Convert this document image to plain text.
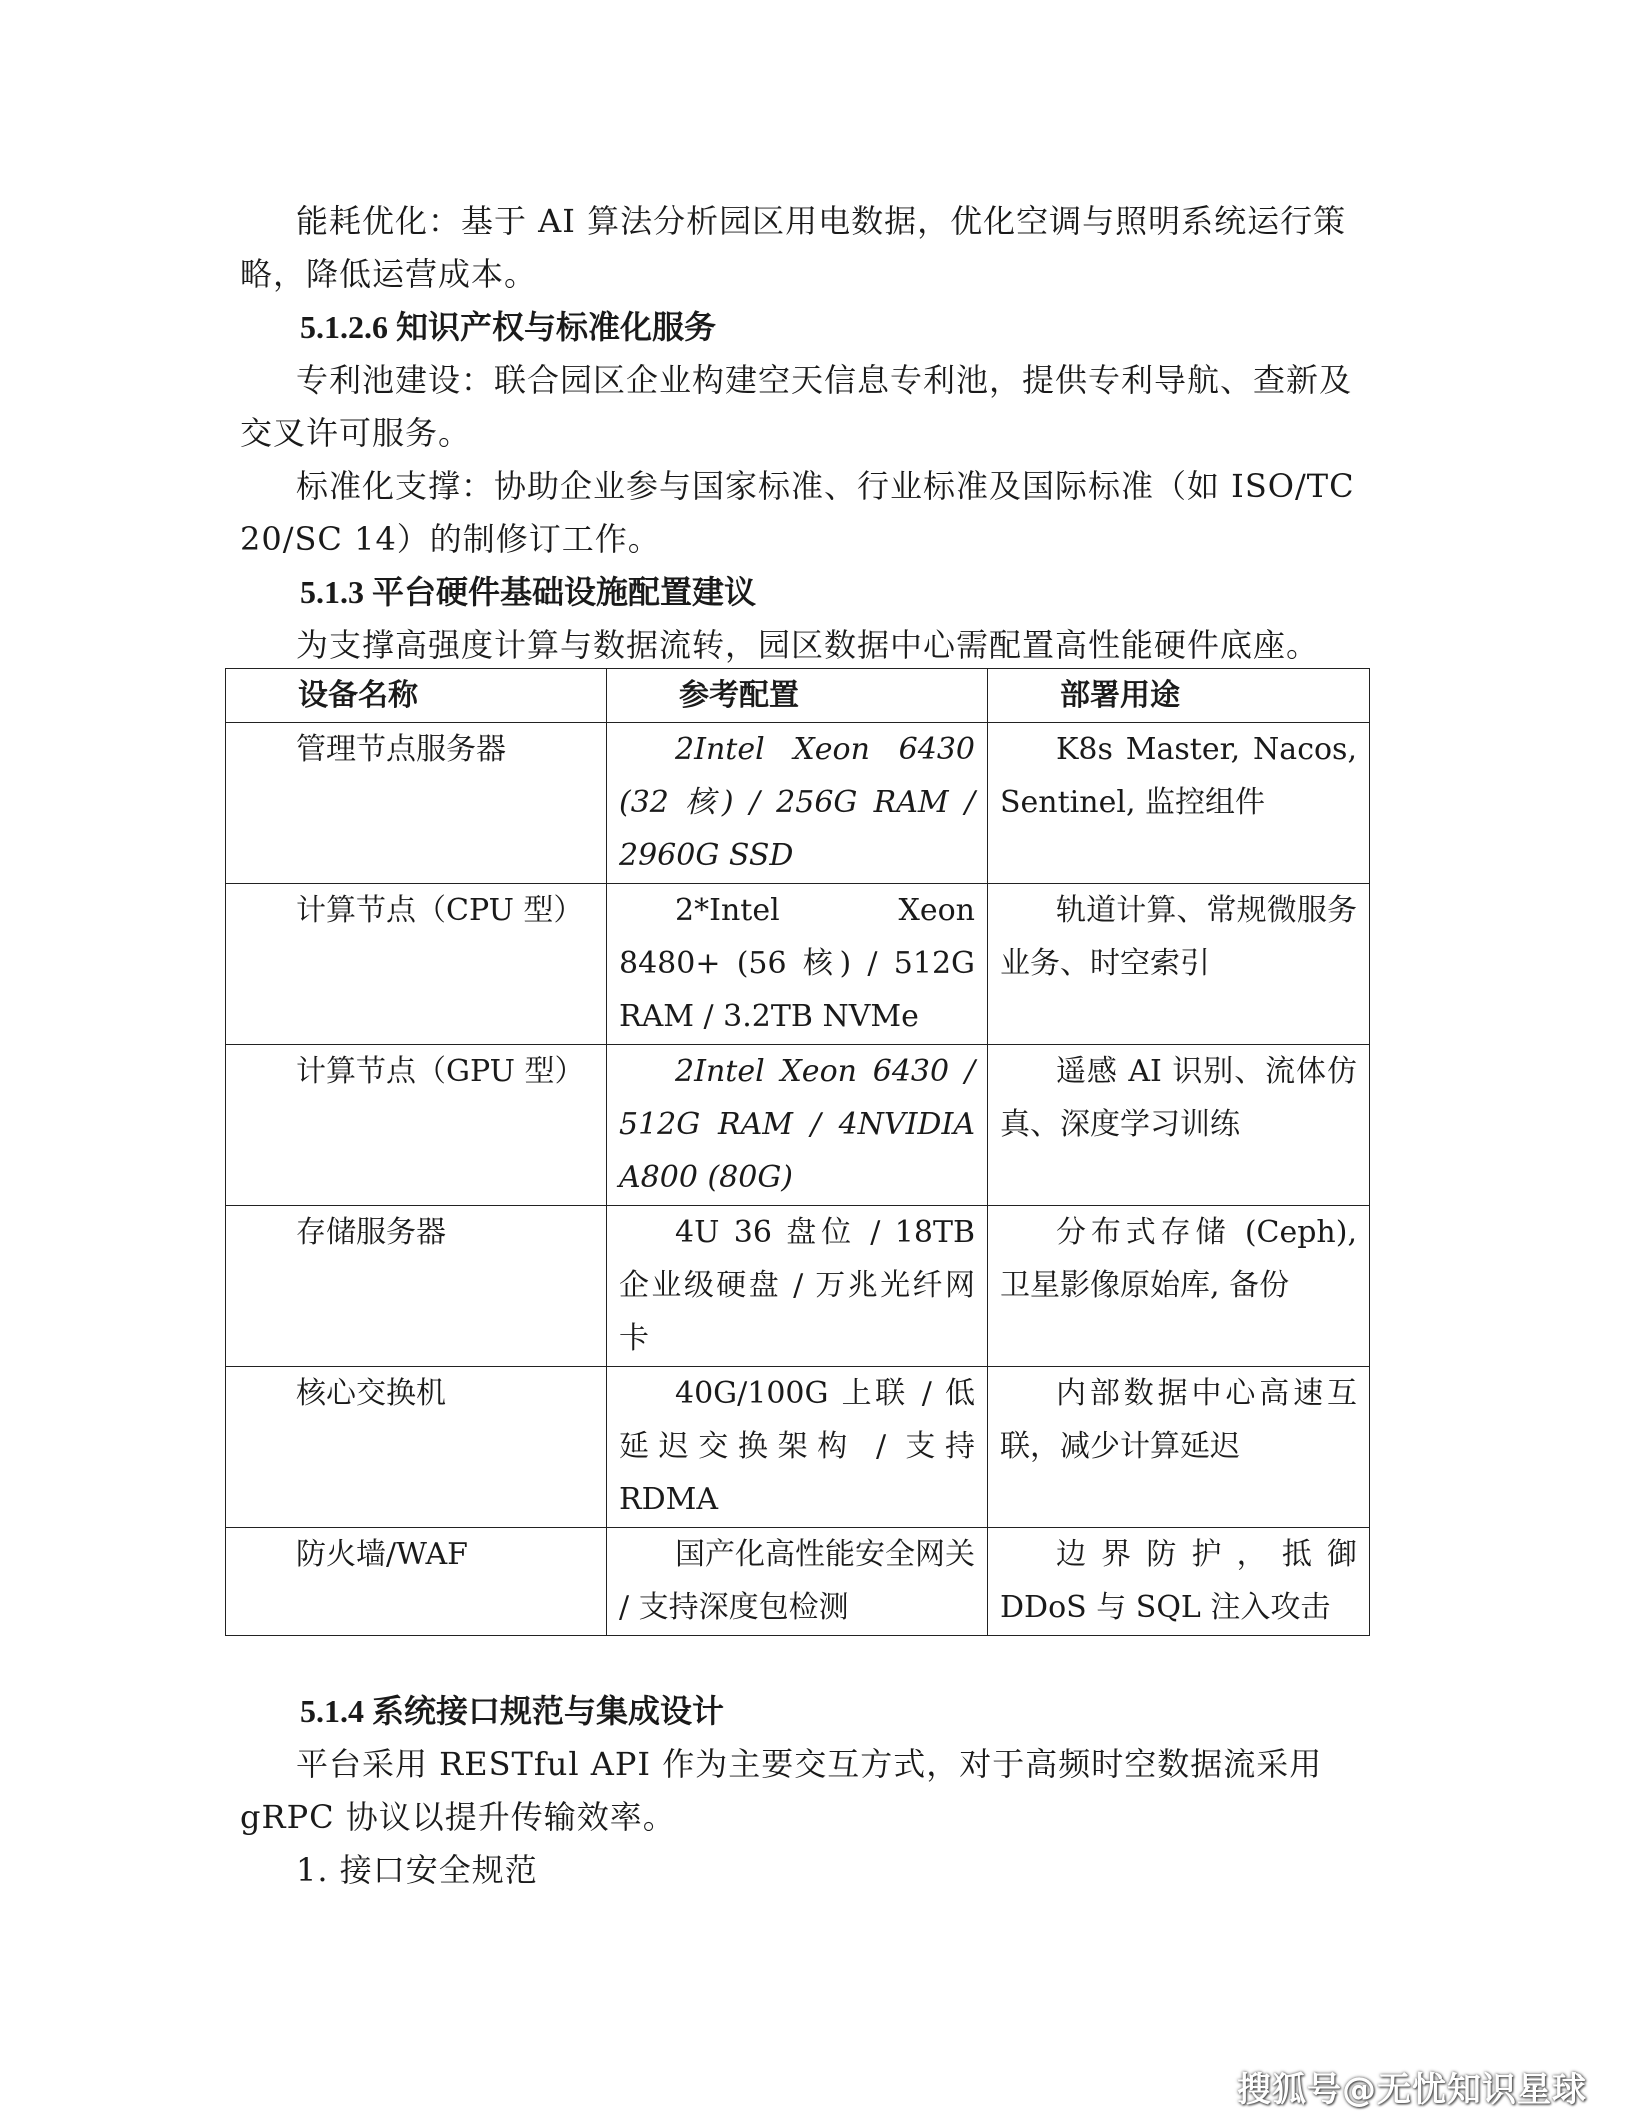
能耗优化：基于 AI 算法分析园区用电数据，优化空调与照明系统运行策略，降低运营成本。

5.1.2.6 知识产权与标准化服务

专利池建设：联合园区企业构建空天信息专利池，提供专利导航、查新及交叉许可服务。

标准化支撑：协助企业参与国家标准、行业标准及国际标准（如 ISO/TC 20/SC 14）的制修订工作。

5.1.3 平台硬件基础设施配置建议

为支撑高强度计算与数据流转，园区数据中心需配置高性能硬件底座。

设备名称	参考配置	部署用途
管理节点服务器	2Intel Xeon 6430 (32 核) / 256G RAM / 2960G SSD	K8s Master, Nacos, Sentinel, 监控组件
计算节点（CPU 型）	2*Intel Xeon 8480+ (56 核) / 512G RAM / 3.2TB NVMe	轨道计算、常规微服务业务、时空索引
计算节点（GPU 型）	2Intel Xeon 6430 / 512G RAM / 4NVIDIA A800 (80G)	遥感 AI 识别、流体仿真、深度学习训练
存储服务器	4U 36 盘位 / 18TB 企业级硬盘 / 万兆光纤网卡	分布式存储 (Ceph), 卫星影像原始库, 备份
核心交换机	40G/100G 上联 / 低延迟交换架构 / 支持 RDMA	内部数据中心高速互联，减少计算延迟
防火墙/WAF	国产化高性能安全网关 / 支持深度包检测	边界防护，抵御 DDoS 与 SQL 注入攻击
5.1.4 系统接口规范与集成设计

平台采用 RESTful API 作为主要交互方式，对于高频时空数据流采用 gRPC 协议以提升传输效率。

1. 接口安全规范

搜狐号@无忧知识星球
